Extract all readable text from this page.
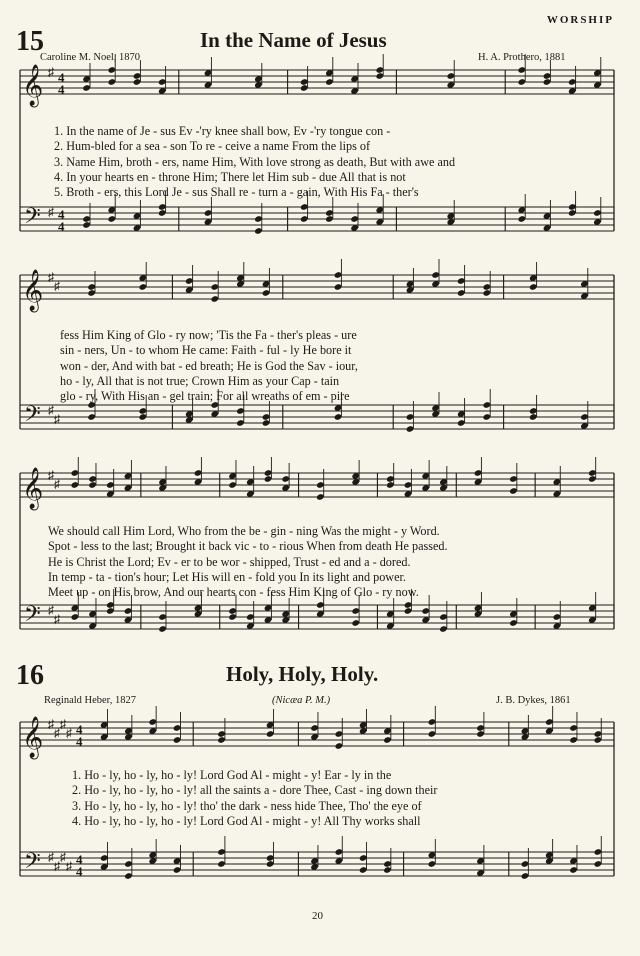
WORSHIP
15	In the Name of Jesus
Caroline M. Noel, 1870	H. A. Prothero, 1881
1. In the name of Je - sus Ev -'ry knee shall bow, Ev -'ry tongue con -
2. Hum-bled for a sea - son To re - ceive a name From the lips of
3. Name Him, broth - ers, name Him, With love strong as death, But with awe and
4. In your hearts en - throne Him; There let Him sub - due All that is not
5. Broth - ers, this Lord Je - sus Shall re - turn a - gain, With His Fa - ther's
fess Him King of Glo - ry now; 'Tis the Fa - ther's pleas - ure
sin - ners, Un - to whom He came: Faith - ful - ly He bore it
won - der, And with bat - ed breath; He is God the Sav - iour,
ho - ly, All that is not true; Crown Him as your Cap - tain
glo - ry, With His an - gel train; For all wreaths of em - pire
We should call Him Lord, Who from the be - gin - ning Was the might - y Word.
Spot - less to the last; Brought it back vic - to - rious When from death He passed.
He is Christ the Lord; Ev - er to be wor - shipped, Trust - ed and a - dored.
In temp - ta - tion's hour; Let His will en - fold you In its light and power.
Meet up - on His brow, And our hearts con - fess Him King of Glo - ry now.
16	Holy, Holy, Holy.
Reginald Heber, 1827	(Nicæa P. M.)	J. B. Dykes, 1861
1. Ho - ly, ho - ly, ho - ly! Lord God Al - might - y! Ear - ly in the
2. Ho - ly, ho - ly, ho - ly! all the saints a - dore Thee, Cast - ing down their
3. Ho - ly, ho - ly, ho - ly! tho' the dark - ness hide Thee, Tho' the eye of
4. Ho - ly, ho - ly, ho - ly! Lord God Al - might - y! All Thy works shall
20
𝄞
𝄢
♯
♯
4
4
4
4
𝄞
𝄢
♯
♯
♯
♯
𝄞
𝄢
♯
♯
♯
♯
𝄞
𝄢
♯
♯
♯
♯
♯
♯
♯
♯
4
4
4
4
